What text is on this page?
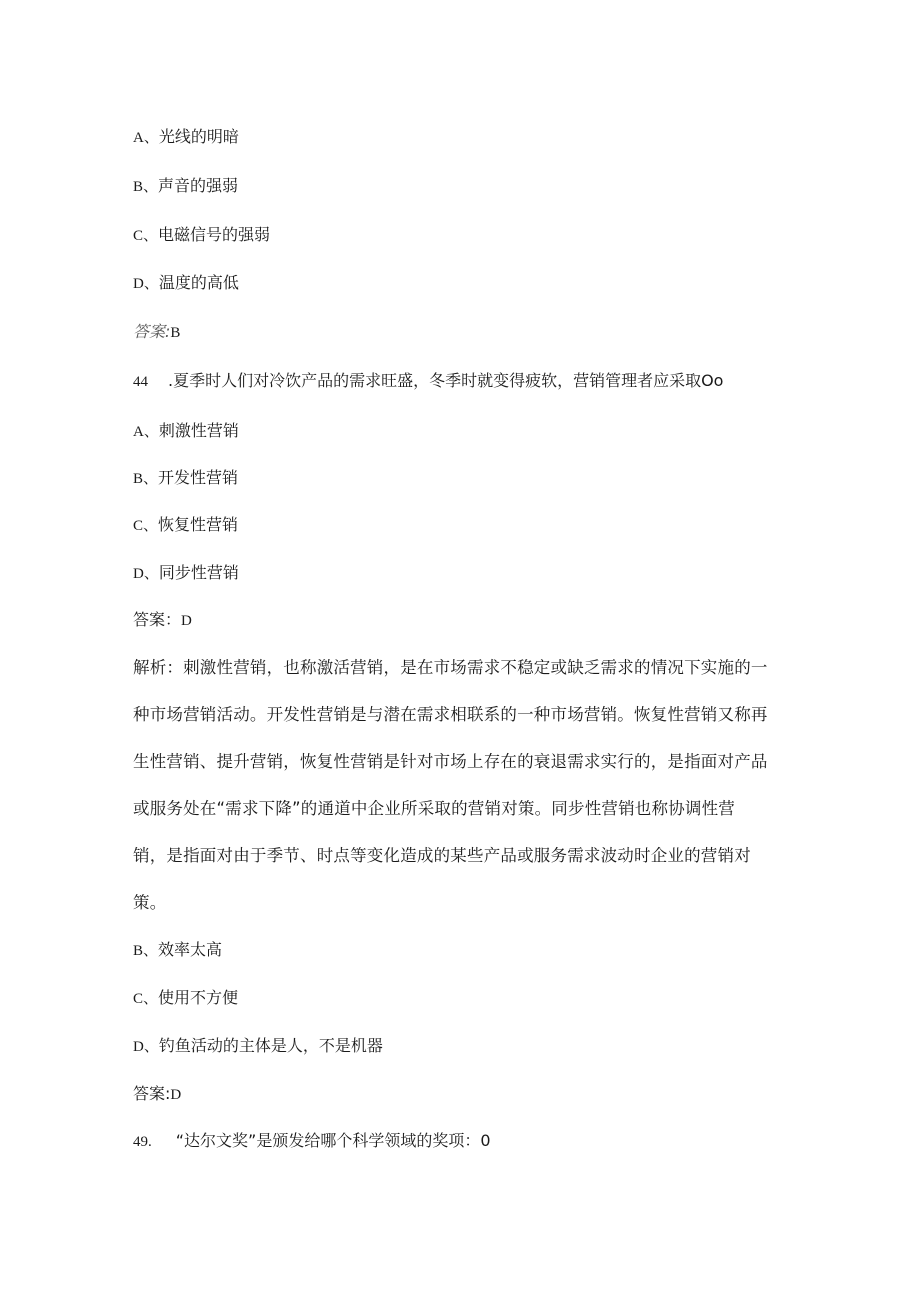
A、光线的明暗
B、声音的强弱
C、电磁信号的强弱
D、温度的高低
答案:B
44 .夏季时人们对冷饮产品的需求旺盛，冬季时就变得疲软，营销管理者应采取Oo
A、刺激性营销
B、开发性营销
C、恢复性营销
D、同步性营销
答案：D
解析：刺激性营销，也称激活营销，是在市场需求不稳定或缺乏需求的情况下实施的一
种市场营销活动。开发性营销是与潜在需求相联系的一种市场营销。恢复性营销又称再
生性营销、提升营销，恢复性营销是针对市场上存在的衰退需求实行的，是指面对产品
或服务处在“需求下降”的通道中企业所采取的营销对策。同步性营销也称协调性营
销，是指面对由于季节、时点等变化造成的某些产品或服务需求波动时企业的营销对
策。
B、效率太高
C、使用不方便
D、钓鱼活动的主体是人，不是机器
答案:D
49. “达尔文奖”是颁发给哪个科学领域的奖项：0
